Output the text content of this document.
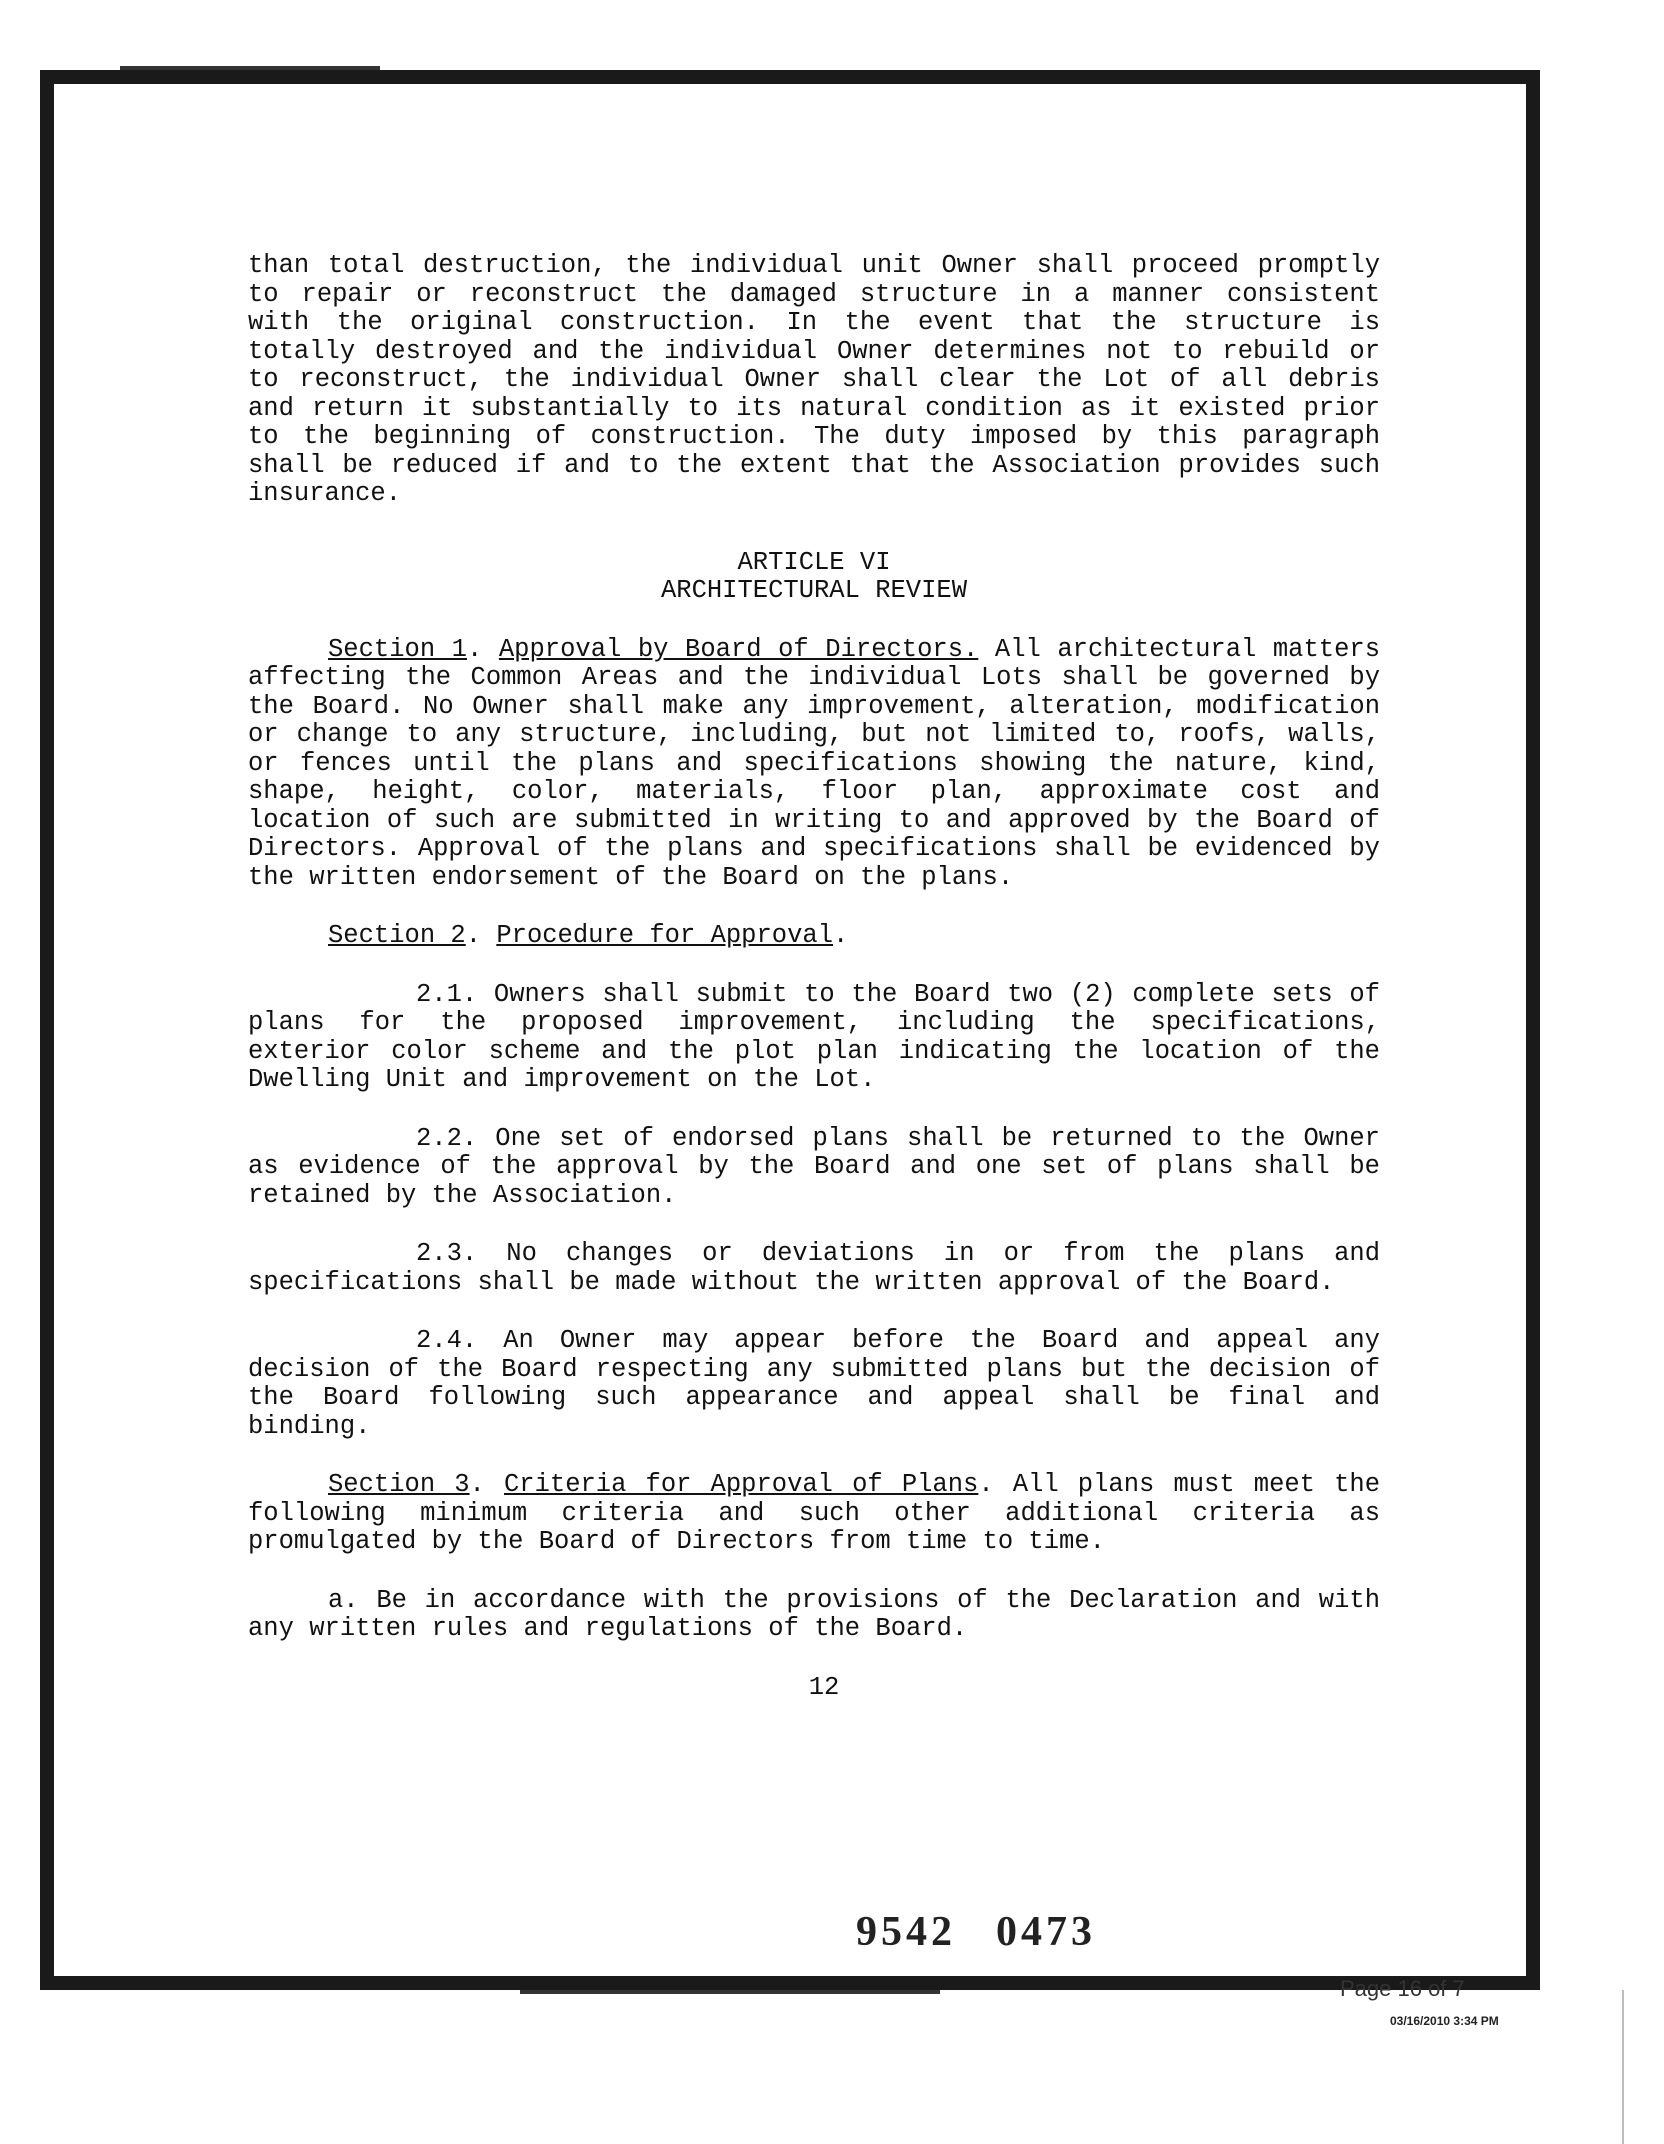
than total destruction, the individual unit Owner shall proceed promptly to repair or reconstruct the damaged structure in a manner consistent with the original construction. In the event that the structure is totally destroyed and the individual Owner determines not to rebuild or to reconstruct, the individual Owner shall clear the Lot of all debris and return it substantially to its natural condition as it existed prior to the beginning of construction. The duty imposed by this paragraph shall be reduced if and to the extent that the Association provides such insurance.

ARTICLE VI

ARCHITECTURAL REVIEW

Section 1. Approval by Board of Directors. All architectural matters affecting the Common Areas and the individual Lots shall be governed by the Board. No Owner shall make any improvement, alteration, modification or change to any structure, including, but not limited to, roofs, walls, or fences until the plans and specifications showing the nature, kind, shape, height, color, materials, floor plan, approximate cost and location of such are submitted in writing to and approved by the Board of Directors. Approval of the plans and specifications shall be evidenced by the written endorsement of the Board on the plans.

Section 2. Procedure for Approval.

2.1. Owners shall submit to the Board two (2) complete sets of plans for the proposed improvement, including the specifications, exterior color scheme and the plot plan indicating the location of the Dwelling Unit and improvement on the Lot.

2.2. One set of endorsed plans shall be returned to the Owner as evidence of the approval by the Board and one set of plans shall be retained by the Association.

2.3. No changes or deviations in or from the plans and specifications shall be made without the written approval of the Board.

2.4. An Owner may appear before the Board and appeal any decision of the Board respecting any submitted plans but the decision of the Board following such appearance and appeal shall be final and binding.

Section 3. Criteria for Approval of Plans. All plans must meet the following minimum criteria and such other additional criteria as promulgated by the Board of Directors from time to time.

a. Be in accordance with the provisions of the Declaration and with any written rules and regulations of the Board.

12

9542 0473
Page 16 of 7
03/16/2010 3:34 PM
